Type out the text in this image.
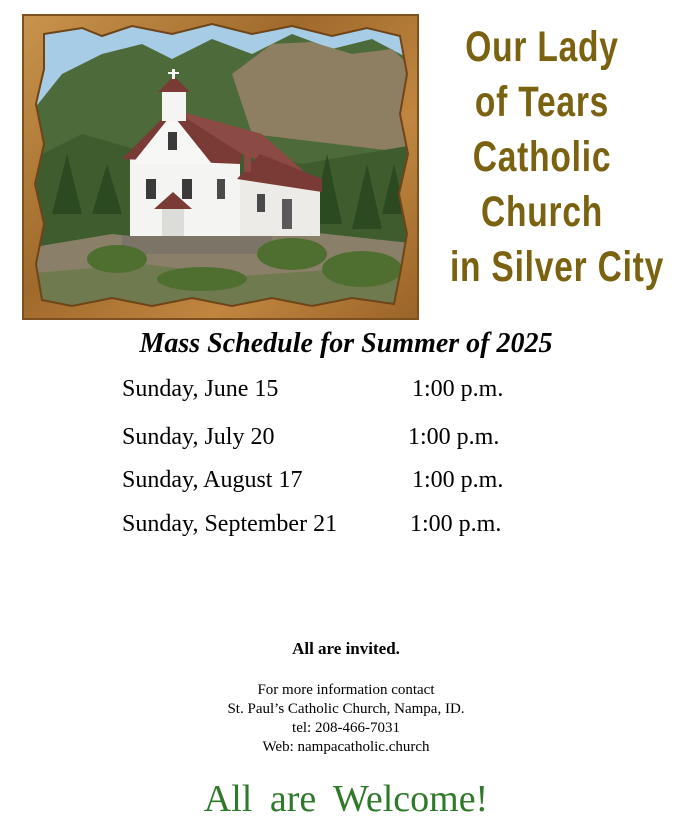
Our Lady
of Tears
Catholic
Church
in Silver City
Mass Schedule for Summer of 2025
Sunday, June 15	1:00 p.m.
Sunday, July 20	1:00 p.m.
Sunday, August 17	1:00 p.m.
Sunday, September 21	1:00 p.m.
All are invited.
For more information contact
St. Paul’s Catholic Church, Nampa, ID.
tel: 208-466-7031
Web: nampacatholic.church
All are Welcome!
